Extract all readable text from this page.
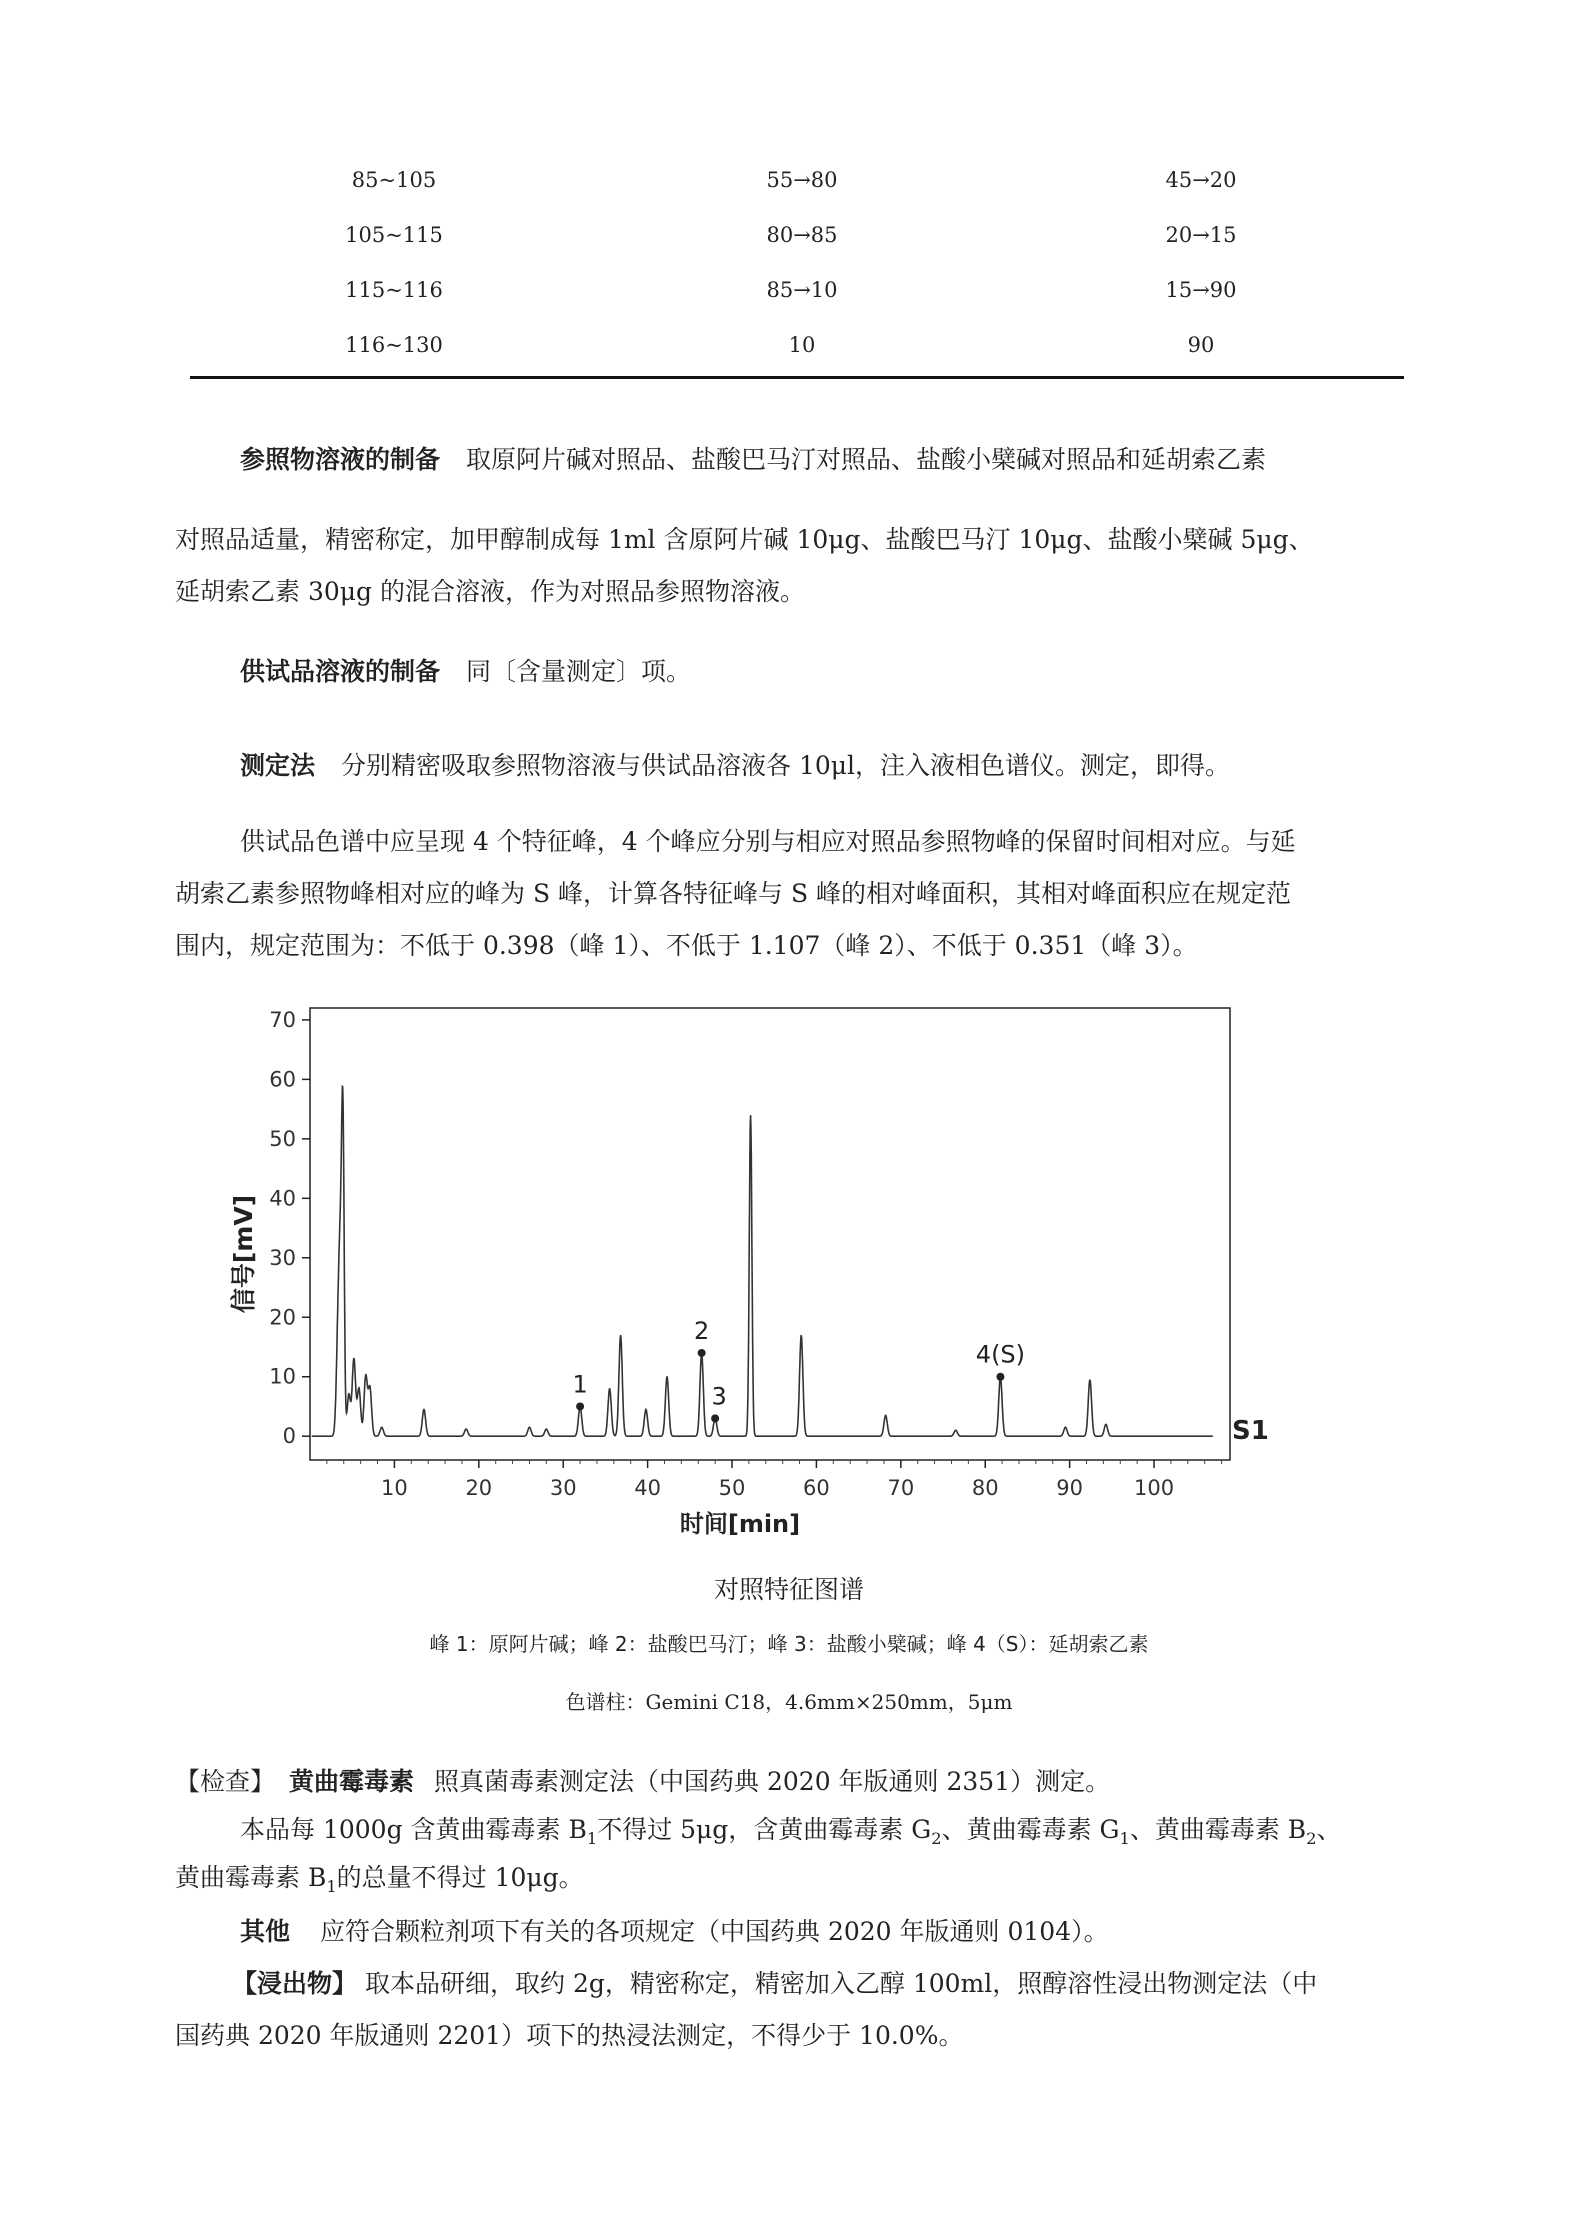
85~105	55→80	45→20
105~115	80→85	20→15
115~116	85→10	15→90
116~130	10	90
参照物溶液的制备 取原阿片碱对照品、盐酸巴马汀对照品、盐酸小檗碱对照品和延胡索乙素
对照品适量，精密称定，加甲醇制成每 1ml 含原阿片碱 10μg、盐酸巴马汀 10μg、盐酸小檗碱 5μg、
延胡索乙素 30μg 的混合溶液，作为对照品参照物溶液。
供试品溶液的制备 同〔含量测定〕项。
测定法 分别精密吸取参照物溶液与供试品溶液各 10μl，注入液相色谱仪。测定，即得。
供试品色谱中应呈现 4 个特征峰，4 个峰应分别与相应对照品参照物峰的保留时间相对应。与延
胡索乙素参照物峰相对应的峰为 S 峰，计算各特征峰与 S 峰的相对峰面积，其相对峰面积应在规定范
围内，规定范围为：不低于 0.398（峰 1）、不低于 1.107（峰 2）、不低于 0.351（峰 3）。
0
10
20
30
40
50
60
70
10	20	30	40	50	60	70	80	90 100
1
2
3
4(S)
信号[mV]
时间[min]
S1
对照特征图谱
峰 1：原阿片碱；峰 2：盐酸巴马汀；峰 3：盐酸小檗碱；峰 4（S）：延胡索乙素
色谱柱：Gemini C18，4.6mm×250mm，5μm
【检查】 黄曲霉毒素 照真菌毒素测定法（中国药典 2020 年版通则 2351）测定。
本品每 1000g 含黄曲霉毒素 $B_1$不得过 5μg，含黄曲霉毒素 $G_2$、黄曲霉毒素 $G_1$、黄曲霉毒素 $B_2$、
黄曲霉毒素 $B_1$的总量不得过 10μg。
其他 应符合颗粒剂项下有关的各项规定（中国药典 2020 年版通则 0104）。
【浸出物】 取本品研细，取约 2g，精密称定，精密加入乙醇 100ml，照醇溶性浸出物测定法（中
国药典 2020 年版通则 2201）项下的热浸法测定，不得少于 10.0%。
